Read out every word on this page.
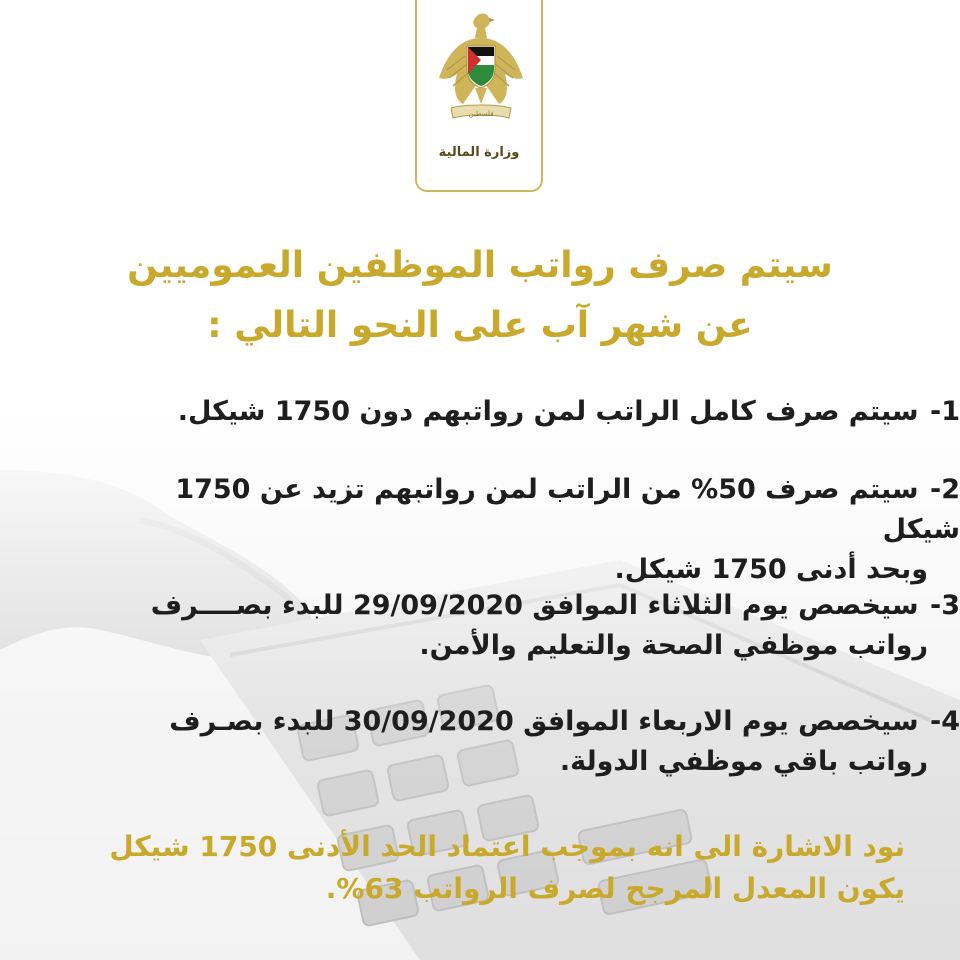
فلسطين
وزارة المالية
سيتم صرف رواتب الموظفين العموميين
عن شهر آب على النحو التالي :
1- سيتم صرف كامل الراتب لمن رواتبهم دون 1750 شيكل.
2- سيتم صرف 50% من الراتب لمن رواتبهم تزيد عن 1750 شيكل
وبحد أدنى 1750 شيكل.
3- سيخصص يوم الثلاثاء الموافق 29/09/2020 للبدء بصــــرف
رواتب موظفي الصحة والتعليم والأمن.
4- سيخصص يوم الاربعاء الموافق 30/09/2020 للبدء بصـرف
رواتب باقي موظفي الدولة.
نود الاشارة الى انه بموجب اعتماد الحد الأدنى 1750 شيكل
يكون المعدل المرجح لصرف الرواتب 63%.
